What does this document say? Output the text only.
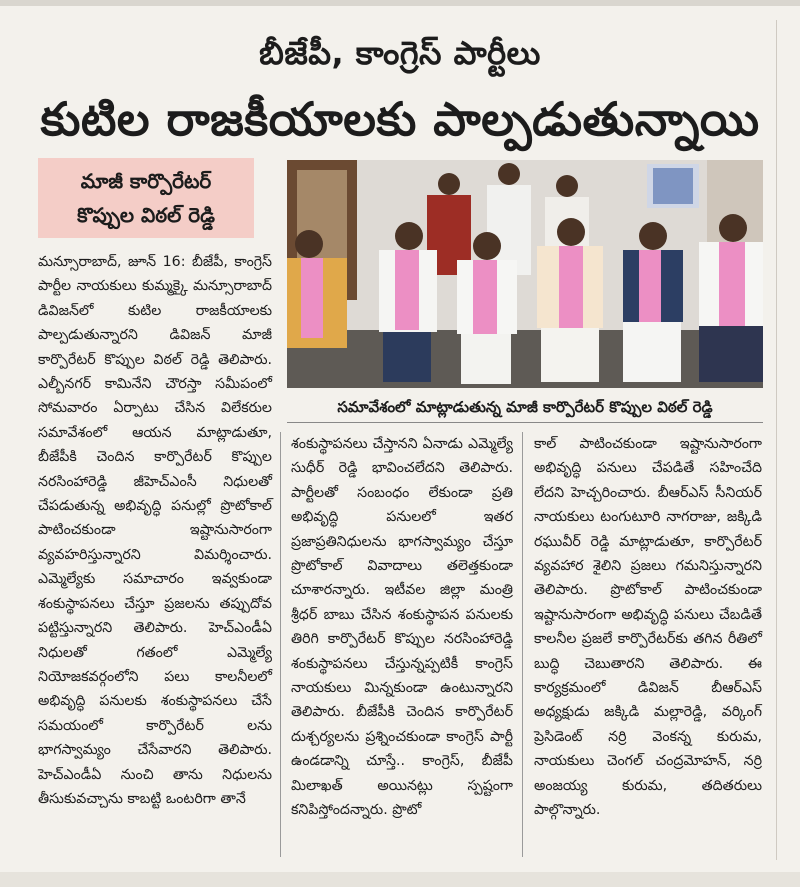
బీజేపీ, కాంగ్రెస్ పార్టీలు
కుటిల రాజకీయాలకు పాల్పడుతున్నాయి
మాజీ కార్పొరేటర్
కొప్పుల విఠల్ రెడ్డి
సమావేశంలో మాట్లాడుతున్న మాజీ కార్పొరేటర్ కొప్పుల విఠల్ రెడ్డి

మన్సూరాబాద్, జూన్ 16: బీజేపీ, కాంగ్రెస్ పార్టీల నాయకులు కుమ్మక్కై మన్సూరాబాద్ డివిజన్‌లో కుటిల రాజకీయాలకు పాల్పడుతున్నారని డివిజన్ మాజీ కార్పొరేటర్ కొప్పుల విఠల్ రెడ్డి తెలిపారు. ఎల్బీనగర్ కామినేని చౌరస్తా సమీపంలో సోమవారం ఏర్పాటు చేసిన విలేకరుల సమావేశంలో ఆయన మాట్లాడుతూ, బీజేపీకి చెందిన కార్పొరేటర్ కొప్పుల నరసింహారెడ్డి జీహెచ్‌ఎంసీ నిధులతో చేపడుతున్న అభివృద్ధి పనుల్లో ప్రొటోకాల్ పాటించకుండా ఇష్టానుసారంగా వ్యవహరిస్తున్నారని విమర్శించారు. ఎమ్మెల్యేకు సమాచారం ఇవ్వకుండా శంకుస్థాపనలు చేస్తూ ప్రజలను తప్పుదోవ పట్టిస్తున్నారని తెలిపారు. హెచ్‌ఎండీఏ నిధులతో గతంలో ఎమ్మెల్యే నియోజకవర్గంలోని పలు కాలనీలలో అభివృద్ధి పనులకు శంకుస్థాపనలు చేసే సమయంలో కార్పొరేటర్ లను భాగస్వామ్యం చేసేవారని తెలిపారు. హెచ్‌ఎండీఏ నుంచి తాను నిధులను తీసుకువచ్చాను కాబట్టి ఒంటరిగా తానే

శంకుస్థాపనలు చేస్తానని ఏనాడు ఎమ్మెల్యే సుధీర్ రెడ్డి భావించలేదని తెలిపారు. పార్టీలతో సంబంధం లేకుండా ప్రతి అభివృద్ధి పనులలో ఇతర ప్రజాప్రతినిధులను భాగస్వామ్యం చేస్తూ ప్రొటోకాల్ వివాదాలు తలెత్తకుండా చూశారన్నారు. ఇటీవల జిల్లా మంత్రి శ్రీధర్ బాబు చేసిన శంకుస్థాపన పనులకు తిరిగి కార్పొరేటర్ కొప్పుల నరసింహారెడ్డి శంకుస్థాపనలు చేస్తున్నప్పటికీ కాంగ్రెస్ నాయకులు మిన్నకుండా ఉంటున్నారని తెలిపారు. బీజేపీకి చెందిన కార్పొరేటర్ దుశ్చర్యలను ప్రశ్నించకుండా కాంగ్రెస్ పార్టీ ఉండడాన్ని చూస్తే.. కాంగ్రెస్, బీజేపీ మిలాఖత్ అయినట్లు స్పష్టంగా కనిపిస్తోందన్నారు. ప్రొటో

కాల్ పాటించకుండా ఇష్టానుసారంగా అభివృద్ధి పనులు చేపడితే సహించేది లేదని హెచ్చరించారు. బీఆర్‌ఎస్ సీనియర్ నాయకులు టంగుటూరి నాగరాజు, జక్కిడి రఘువీర్ రెడ్డి మాట్లాడుతూ, కార్పొరేటర్ వ్యవహార శైలిని ప్రజలు గమనిస్తున్నారని తెలిపారు. ప్రొటోకాల్ పాటించకుండా ఇష్టానుసారంగా అభివృద్ధి పనులు చేబడితే కాలనీల ప్రజలే కార్పొరేటర్‌కు తగిన రీతిలో బుద్ధి చెబుతారని తెలిపారు. ఈ కార్యక్రమంలో డివిజన్ బీఆర్‌ఎస్ అధ్యక్షుడు జక్కిడి మల్లారెడ్డి, వర్కింగ్ ప్రెసిడెంట్ నర్రి వెంకన్న కురుమ, నాయకులు చెంగల్ చంద్రమోహన్, నర్రి అంజయ్య కురుమ, తదితరులు పాల్గొన్నారు.
